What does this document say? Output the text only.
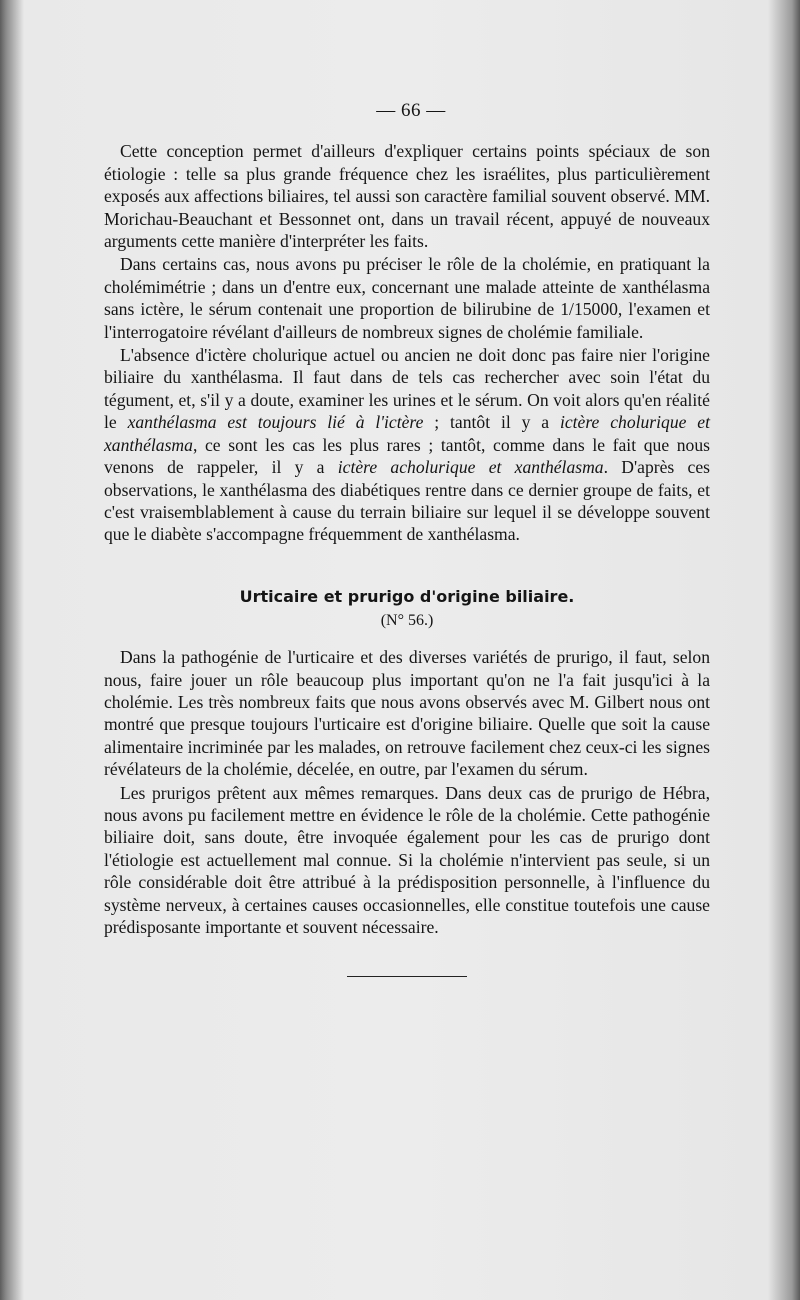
— 66 —

Cette conception permet d'ailleurs d'expliquer certains points spéciaux de son étiologie : telle sa plus grande fréquence chez les israélites, plus particulièrement exposés aux affections biliaires, tel aussi son caractère familial souvent observé. MM. Morichau-Beauchant et Bessonnet ont, dans un travail récent, appuyé de nouveaux arguments cette manière d'interpréter les faits.

Dans certains cas, nous avons pu préciser le rôle de la cholémie, en pratiquant la cholémimétrie ; dans un d'entre eux, concernant une malade atteinte de xanthélasma sans ictère, le sérum contenait une proportion de bilirubine de 1/15000, l'examen et l'interrogatoire révélant d'ailleurs de nombreux signes de cholémie familiale.

L'absence d'ictère cholurique actuel ou ancien ne doit donc pas faire nier l'origine biliaire du xanthélasma. Il faut dans de tels cas rechercher avec soin l'état du tégument, et, s'il y a doute, examiner les urines et le sérum. On voit alors qu'en réalité le xanthélasma est toujours lié à l'ictère ; tantôt il y a ictère cholurique et xanthélasma, ce sont les cas les plus rares ; tantôt, comme dans le fait que nous venons de rappeler, il y a ictère acholurique et xanthélasma. D'après ces observations, le xanthélasma des diabétiques rentre dans ce dernier groupe de faits, et c'est vraisemblablement à cause du terrain biliaire sur lequel il se développe souvent que le diabète s'accompagne fréquemment de xanthélasma.

Urticaire et prurigo d'origine biliaire.
(N° 56.)

Dans la pathogénie de l'urticaire et des diverses variétés de prurigo, il faut, selon nous, faire jouer un rôle beaucoup plus important qu'on ne l'a fait jusqu'ici à la cholémie. Les très nombreux faits que nous avons observés avec M. Gilbert nous ont montré que presque toujours l'urticaire est d'origine biliaire. Quelle que soit la cause alimentaire incriminée par les malades, on retrouve facilement chez ceux-ci les signes révélateurs de la cholémie, décelée, en outre, par l'examen du sérum.

Les prurigos prêtent aux mêmes remarques. Dans deux cas de prurigo de Hébra, nous avons pu facilement mettre en évidence le rôle de la cholémie. Cette pathogénie biliaire doit, sans doute, être invoquée également pour les cas de prurigo dont l'étiologie est actuellement mal connue. Si la cholémie n'intervient pas seule, si un rôle considérable doit être attribué à la prédisposition personnelle, à l'influence du système nerveux, à certaines causes occasionnelles, elle constitue toutefois une cause prédisposante importante et souvent nécessaire.
